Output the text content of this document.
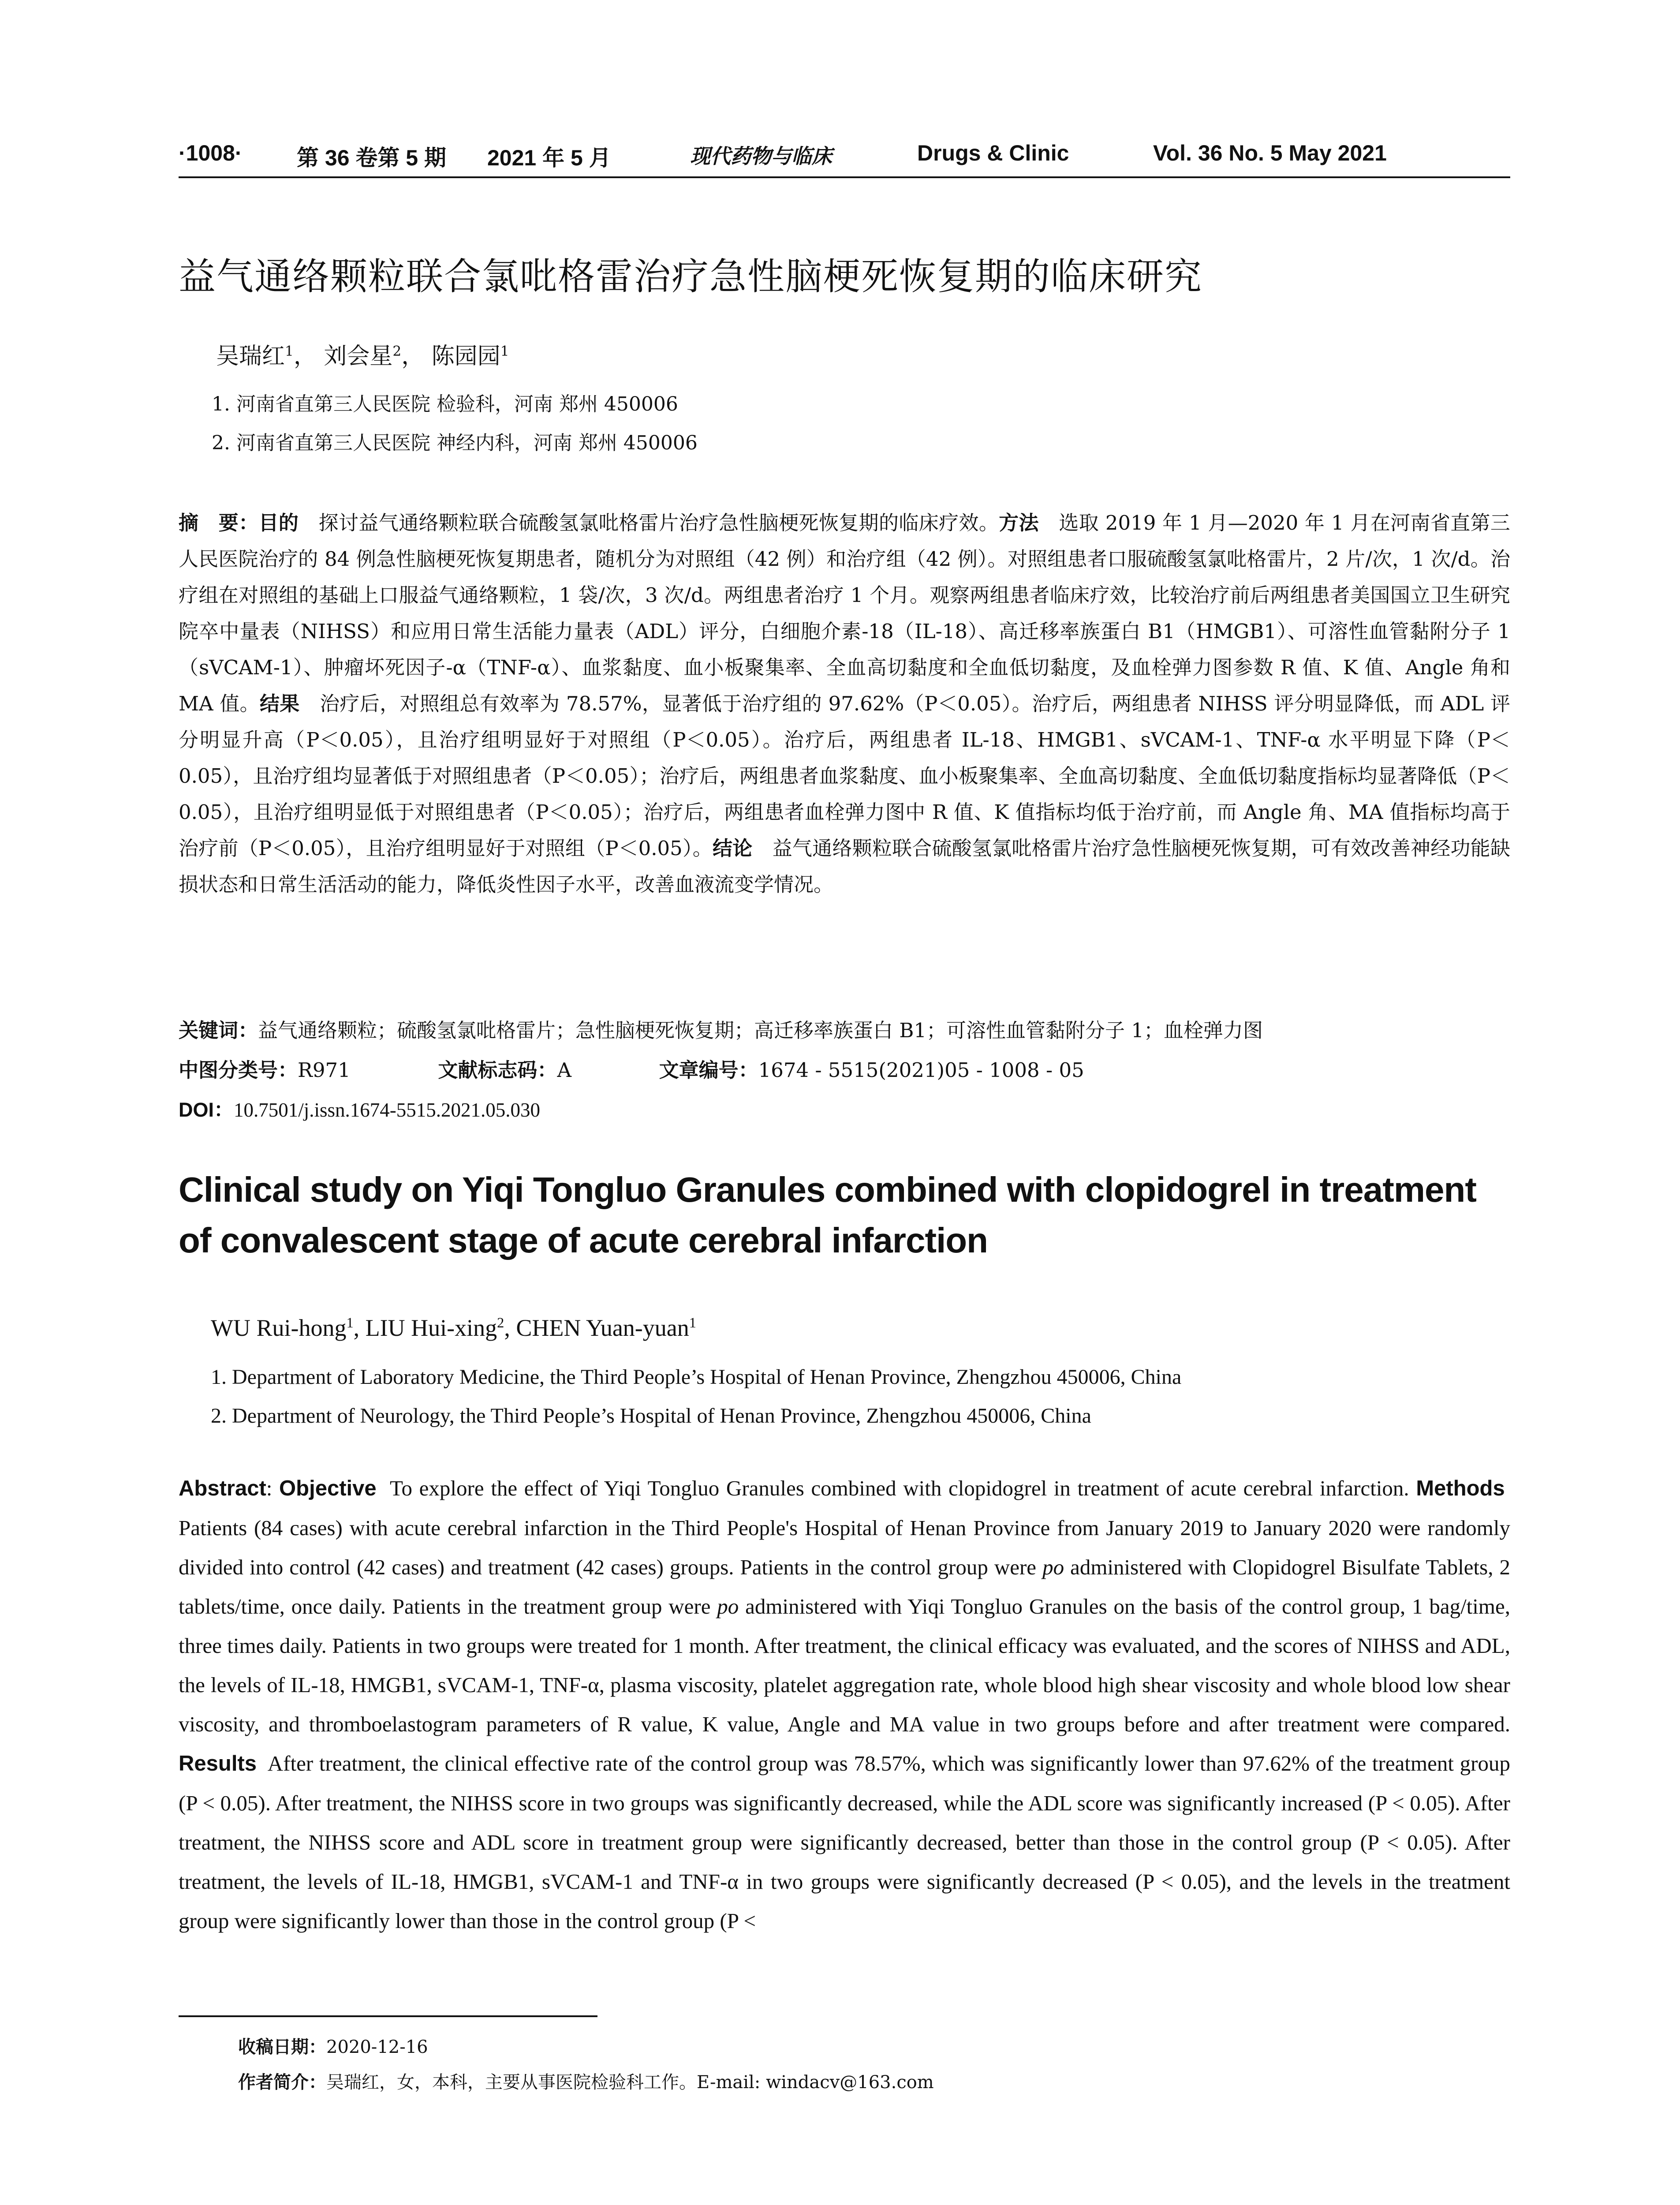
·1008· 第 36 卷第 5 期 2021 年 5 月	现代药物与临床	Drugs & Clinic	Vol. 36 No. 5 May 2021
益气通络颗粒联合氯吡格雷治疗急性脑梗死恢复期的临床研究
吴瑞红$^1$， 刘会星$^2$， 陈园园$^1$
1. 河南省直第三人民医院 检验科，河南 郑州 450006
2. 河南省直第三人民医院 神经内科，河南 郑州 450006
摘　要：目的　 探讨益气通络颗粒联合硫酸氢氯吡格雷片治疗急性脑梗死恢复期的临床疗效。方法　 选取 2019 年 1 月—2020 年 1 月在河南省直第三人民医院治疗的 84 例急性脑梗死恢复期患者，随机分为对照组（42 例）和治疗组（42 例）。对照组患者口服硫酸氢氯吡格雷片，2 片/次，1 次/d。治疗组在对照组的基础上口服益气通络颗粒，1 袋/次，3 次/d。两组患者治疗 1 个月。观察两组患者临床疗效，比较治疗前后两组患者美国国立卫生研究院卒中量表（NIHSS）和应用日常生活能力量表（ADL）评分，白细胞介素-18（IL-18）、高迁移率族蛋白 B1（HMGB1）、可溶性血管黏附分子 1（sVCAM-1）、肿瘤坏死因子-α（TNF-α）、血浆黏度、血小板聚集率、全血高切黏度和全血低切黏度，及血栓弹力图参数 R 值、K 值、Angle 角和 MA 值。结果　 治疗后，对照组总有效率为 78.57%，显著低于治疗组的 97.62%（P＜0.05）。治疗后，两组患者 NIHSS 评分明显降低，而 ADL 评分明显升高（P＜0.05），且治疗组明显好于对照组（P＜0.05）。治疗后，两组患者 IL-18、HMGB1、sVCAM-1、TNF-α 水平明显下降（P＜0.05），且治疗组均显著低于对照组患者（P＜0.05）；治疗后，两组患者血浆黏度、血小板聚集率、全血高切黏度、全血低切黏度指标均显著降低（P＜0.05），且治疗组明显低于对照组患者（P＜0.05）；治疗后，两组患者血栓弹力图中 R 值、K 值指标均低于治疗前，而 Angle 角、MA 值指标均高于治疗前（P＜0.05），且治疗组明显好于对照组（P＜0.05）。结论　 益气通络颗粒联合硫酸氢氯吡格雷片治疗急性脑梗死恢复期，可有效改善神经功能缺损状态和日常生活活动的能力，降低炎性因子水平，改善血液流变学情况。
关键词：益气通络颗粒；硫酸氢氯吡格雷片；急性脑梗死恢复期；高迁移率族蛋白 B1；可溶性血管黏附分子 1；血栓弹力图
中图分类号：R971	文献标志码：A	文章编号：1674 - 5515(2021)05 - 1008 - 05
DOI：10.7501/j.issn.1674-5515.2021.05.030
Clinical study on Yiqi Tongluo Granules combined with clopidogrel in treatment
of convalescent stage of acute cerebral infarction
WU Rui-hong$^1$, LIU Hui-xing$^2$, CHEN Yuan-yuan$^1$
1. Department of Laboratory Medicine, the Third People’s Hospital of Henan Province, Zhengzhou 450006, China
2. Department of Neurology, the Third People’s Hospital of Henan Province, Zhengzhou 450006, China
Abstract: Objective To explore the effect of Yiqi Tongluo Granules combined with clopidogrel in treatment of acute cerebral infarction. Methods  Patients (84 cases) with acute cerebral infarction in the Third People's Hospital of Henan Province from January 2019 to January 2020 were randomly divided into control (42 cases) and treatment (42 cases) groups. Patients in the control group were po administered with Clopidogrel Bisulfate Tablets, 2 tablets/time, once daily. Patients in the treatment group were po administered with Yiqi Tongluo Granules on the basis of the control group, 1 bag/time, three times daily. Patients in two groups were treated for 1 month. After treatment, the clinical efficacy was evaluated, and the scores of NIHSS and ADL, the levels of IL-18, HMGB1, sVCAM-1, TNF-α, plasma viscosity, platelet aggregation rate, whole blood high shear viscosity and whole blood low shear viscosity, and thromboelastogram parameters of R value, K value, Angle and MA value in two groups before and after treatment were compared. Results After treatment, the clinical effective rate of the control group was 78.57%, which was significantly lower than 97.62% of the treatment group (P < 0.05). After treatment, the NIHSS score in two groups was significantly decreased, while the ADL score was significantly increased (P < 0.05). After treatment, the NIHSS score and ADL score in treatment group were significantly decreased, better than those in the control group (P < 0.05). After treatment, the levels of IL-18, HMGB1, sVCAM-1 and TNF-α in two groups were significantly decreased (P < 0.05), and the levels in the treatment group were significantly lower than those in the control group (P <
收稿日期：2020-12-16
作者简介：吴瑞红，女，本科，主要从事医院检验科工作。E-mail: windacv@163.com
